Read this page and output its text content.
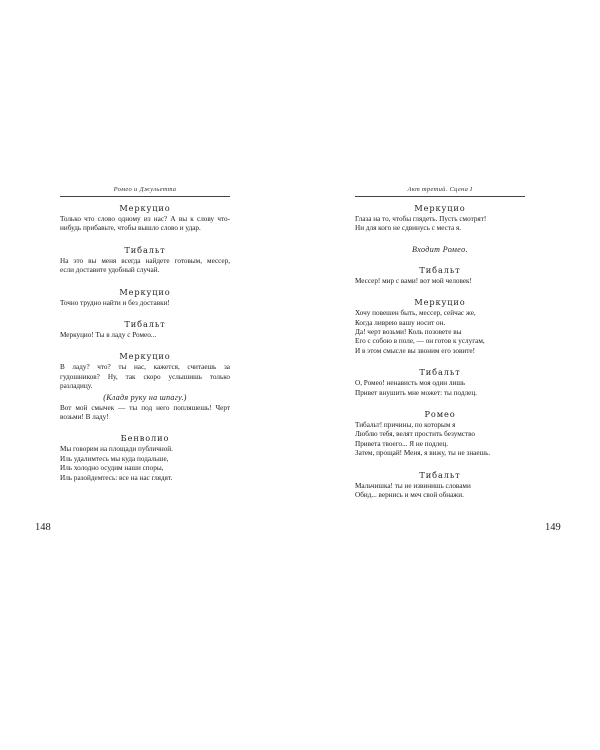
Ромео и Джульетта

Меркуцио

Только что слово одному из нас? А вы к слову что-

нибудь прибавьте, чтобы вышло слово и удар.

Тибальт

На это вы меня всегда найдете готовым, мессер,

если доставите удобный случай.

Меркуцио

Точно трудно найти и без доставки!

Тибальт

Меркуцио! Ты в ладу с Ромео...

Меркуцио

В ладу? что? ты нас, кажется, считаешь за

гудошников? Ну, так скоро услышишь только

разладицу.

(Кладя руку на шпагу.)

Вот мой смычек — ты под него попляшешь! Черт

возьми! В ладу!

Бенволио

Мы говорим на площади публичной.

Иль удалимтесь мы куда подальше,

Иль холодно осудим наши споры,

Иль разойдемтесь: все на нас глядят.

148

Акт третий. Сцена I

Меркуцио

Глаза на то, чтобы глядеть. Пусть смотрят!

Ни для кого не сдвинусь с места я.

Входит Ромео.

Тибальт

Мессер! мир с вами! вот мой человек!

Меркуцио

Хочу повешен быть, мессер, сейчас же,

Когда ливрею вашу носит он.

Да! черт возьми! Коль позовете вы

Его с собою в поле, — он готов к услугам,

И в этом смысле вы звоним его зовите!

Тибальт

О, Ромео! ненависть моя один лишь

Привет внушить мне может: ты подлец.

Ромео

Тибальт! причины, по которым я

Люблю тебя, велят простить безумство

Привета твоего... Я не подлец.

Затем, прощай! Меня, я вижу, ты не знаешь.

Тибальт

Мальчишка! ты не извинишь словами

Обид... вернись и меч свой обнажи.

149
